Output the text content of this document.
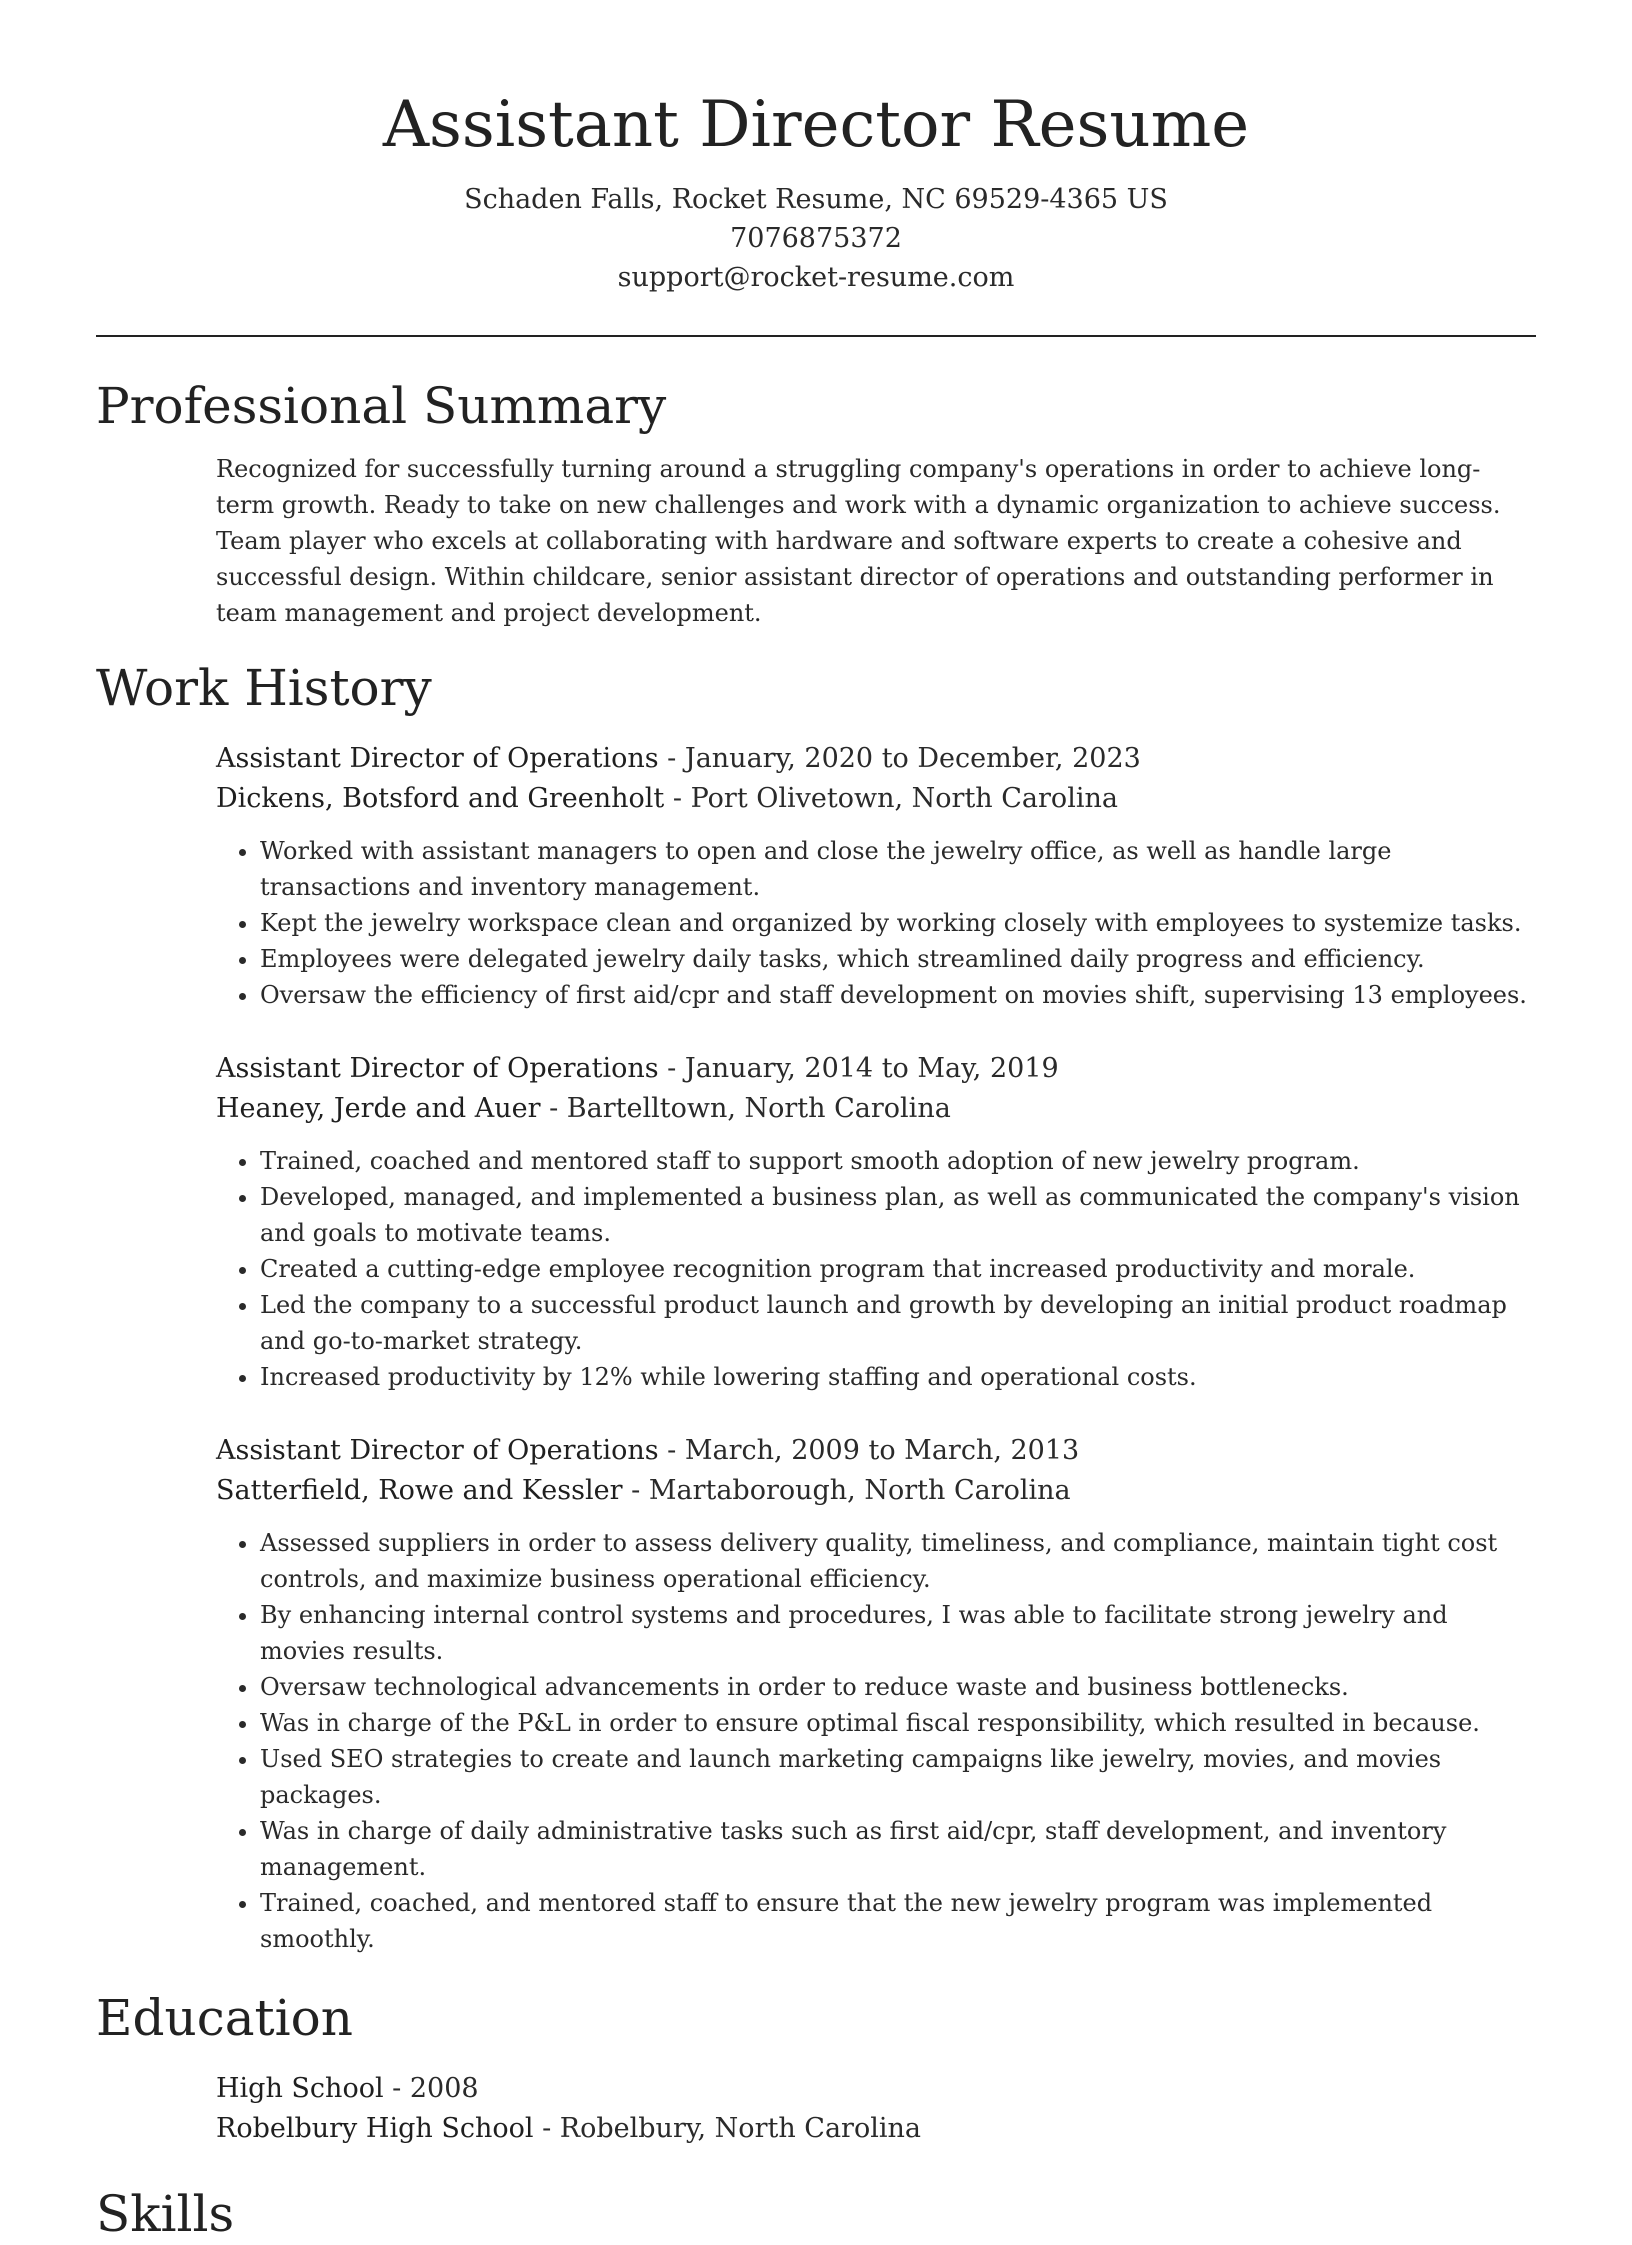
Assistant Director Resume
Schaden Falls, Rocket Resume, NC 69529-4365 US
7076875372
support@rocket-resume.com
Professional Summary
Recognized for successfully turning around a struggling company's operations in order to achieve long-term growth. Ready to take on new challenges and work with a dynamic organization to achieve success. Team player who excels at collaborating with hardware and software experts to create a cohesive and successful design. Within childcare, senior assistant director of operations and outstanding performer in team management and project development.
Work History
Assistant Director of Operations - January, 2020 to December, 2023
Dickens, Botsford and Greenholt - Port Olivetown, North Carolina
• Worked with assistant managers to open and close the jewelry office, as well as handle large transactions and inventory management.
• Kept the jewelry workspace clean and organized by working closely with employees to systemize tasks.
• Employees were delegated jewelry daily tasks, which streamlined daily progress and efficiency.
• Oversaw the efficiency of first aid/cpr and staff development on movies shift, supervising 13 employees.
Assistant Director of Operations - January, 2014 to May, 2019
Heaney, Jerde and Auer - Bartelltown, North Carolina
• Trained, coached and mentored staff to support smooth adoption of new jewelry program.
• Developed, managed, and implemented a business plan, as well as communicated the company's vision and goals to motivate teams.
• Created a cutting-edge employee recognition program that increased productivity and morale.
• Led the company to a successful product launch and growth by developing an initial product roadmap and go-to-market strategy.
• Increased productivity by 12% while lowering staffing and operational costs.
Assistant Director of Operations - March, 2009 to March, 2013
Satterfield, Rowe and Kessler - Martaborough, North Carolina
• Assessed suppliers in order to assess delivery quality, timeliness, and compliance, maintain tight cost controls, and maximize business operational efficiency.
• By enhancing internal control systems and procedures, I was able to facilitate strong jewelry and movies results.
• Oversaw technological advancements in order to reduce waste and business bottlenecks.
• Was in charge of the P&L in order to ensure optimal fiscal responsibility, which resulted in because.
• Used SEO strategies to create and launch marketing campaigns like jewelry, movies, and movies packages.
• Was in charge of daily administrative tasks such as first aid/cpr, staff development, and inventory management.
• Trained, coached, and mentored staff to ensure that the new jewelry program was implemented smoothly.
Education
High School - 2008
Robelbury High School - Robelbury, North Carolina
Skills
